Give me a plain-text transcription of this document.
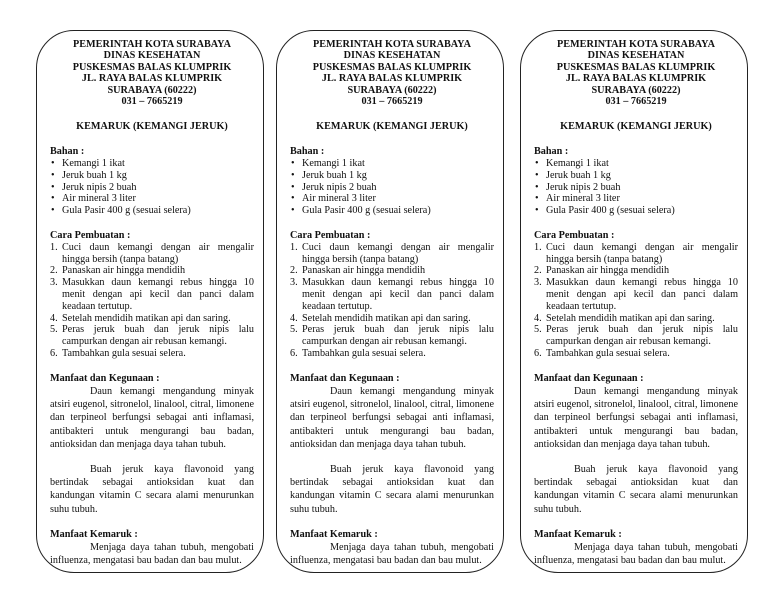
PEMERINTAH KOTA SURABAYA
DINAS KESEHATAN
PUSKESMAS BALAS KLUMPRIK
JL. RAYA BALAS KLUMPRIK
SURABAYA (60222)
031 – 7665219
KEMARUK (KEMANGI JERUK)
Bahan :
• Kemangi 1 ikat
• Jeruk buah 1 kg
• Jeruk nipis 2 buah
• Air mineral 3 liter
• Gula Pasir 400 g (sesuai selera)
Cara Pembuatan :
1. Cuci daun kemangi dengan air mengalir hingga bersih (tanpa batang)
2. Panaskan air hingga mendidih
3. Masukkan daun kemangi rebus hingga 10 menit dengan api kecil dan panci dalam keadaan tertutup.
4. Setelah mendidih matikan api dan saring.
5. Peras jeruk buah dan jeruk nipis lalu campurkan dengan air rebusan kemangi.
6. Tambahkan gula sesuai selera.
Manfaat dan Kegunaan :

Daun kemangi mengandung minyak atsiri eugenol, sitronelol, linalool, citral, limonene dan terpineol berfungsi sebagai anti inflamasi, antibakteri untuk mengurangi bau badan, antioksidan dan menjaga daya tahan tubuh.

Buah jeruk kaya flavonoid yang bertindak sebagai antioksidan kuat dan kandungan vitamin C secara alami menurunkan suhu tubuh.

Manfaat Kemaruk :

Menjaga daya tahan tubuh, mengobati influenza, mengatasi bau badan dan bau mulut.

PEMERINTAH KOTA SURABAYA
DINAS KESEHATAN
PUSKESMAS BALAS KLUMPRIK
JL. RAYA BALAS KLUMPRIK
SURABAYA (60222)
031 – 7665219
KEMARUK (KEMANGI JERUK)
Bahan :
• Kemangi 1 ikat
• Jeruk buah 1 kg
• Jeruk nipis 2 buah
• Air mineral 3 liter
• Gula Pasir 400 g (sesuai selera)
Cara Pembuatan :
1. Cuci daun kemangi dengan air mengalir hingga bersih (tanpa batang)
2. Panaskan air hingga mendidih
3. Masukkan daun kemangi rebus hingga 10 menit dengan api kecil dan panci dalam keadaan tertutup.
4. Setelah mendidih matikan api dan saring.
5. Peras jeruk buah dan jeruk nipis lalu campurkan dengan air rebusan kemangi.
6. Tambahkan gula sesuai selera.
Manfaat dan Kegunaan :

Daun kemangi mengandung minyak atsiri eugenol, sitronelol, linalool, citral, limonene dan terpineol berfungsi sebagai anti inflamasi, antibakteri untuk mengurangi bau badan, antioksidan dan menjaga daya tahan tubuh.

Buah jeruk kaya flavonoid yang bertindak sebagai antioksidan kuat dan kandungan vitamin C secara alami menurunkan suhu tubuh.

Manfaat Kemaruk :

Menjaga daya tahan tubuh, mengobati influenza, mengatasi bau badan dan bau mulut.

PEMERINTAH KOTA SURABAYA
DINAS KESEHATAN
PUSKESMAS BALAS KLUMPRIK
JL. RAYA BALAS KLUMPRIK
SURABAYA (60222)
031 – 7665219
KEMARUK (KEMANGI JERUK)
Bahan :
• Kemangi 1 ikat
• Jeruk buah 1 kg
• Jeruk nipis 2 buah
• Air mineral 3 liter
• Gula Pasir 400 g (sesuai selera)
Cara Pembuatan :
1. Cuci daun kemangi dengan air mengalir hingga bersih (tanpa batang)
2. Panaskan air hingga mendidih
3. Masukkan daun kemangi rebus hingga 10 menit dengan api kecil dan panci dalam keadaan tertutup.
4. Setelah mendidih matikan api dan saring.
5. Peras jeruk buah dan jeruk nipis lalu campurkan dengan air rebusan kemangi.
6. Tambahkan gula sesuai selera.
Manfaat dan Kegunaan :

Daun kemangi mengandung minyak atsiri eugenol, sitronelol, linalool, citral, limonene dan terpineol berfungsi sebagai anti inflamasi, antibakteri untuk mengurangi bau badan, antioksidan dan menjaga daya tahan tubuh.

Buah jeruk kaya flavonoid yang bertindak sebagai antioksidan kuat dan kandungan vitamin C secara alami menurunkan suhu tubuh.

Manfaat Kemaruk :

Menjaga daya tahan tubuh, mengobati influenza, mengatasi bau badan dan bau mulut.
